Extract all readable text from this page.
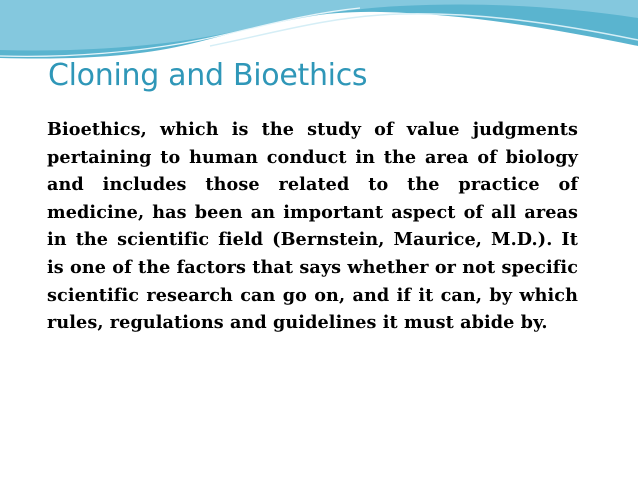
Cloning and Bioethics

Bioethics, which is the study of value judgments pertaining to human conduct in the area of biology and includes those related to the practice of medicine, has been an important aspect of all areas in the scientific field (Bernstein, Maurice, M.D.). It is one of the factors that says whether or not specific scientific research can go on, and if it can, by which rules, regulations and guidelines it must abide by.
